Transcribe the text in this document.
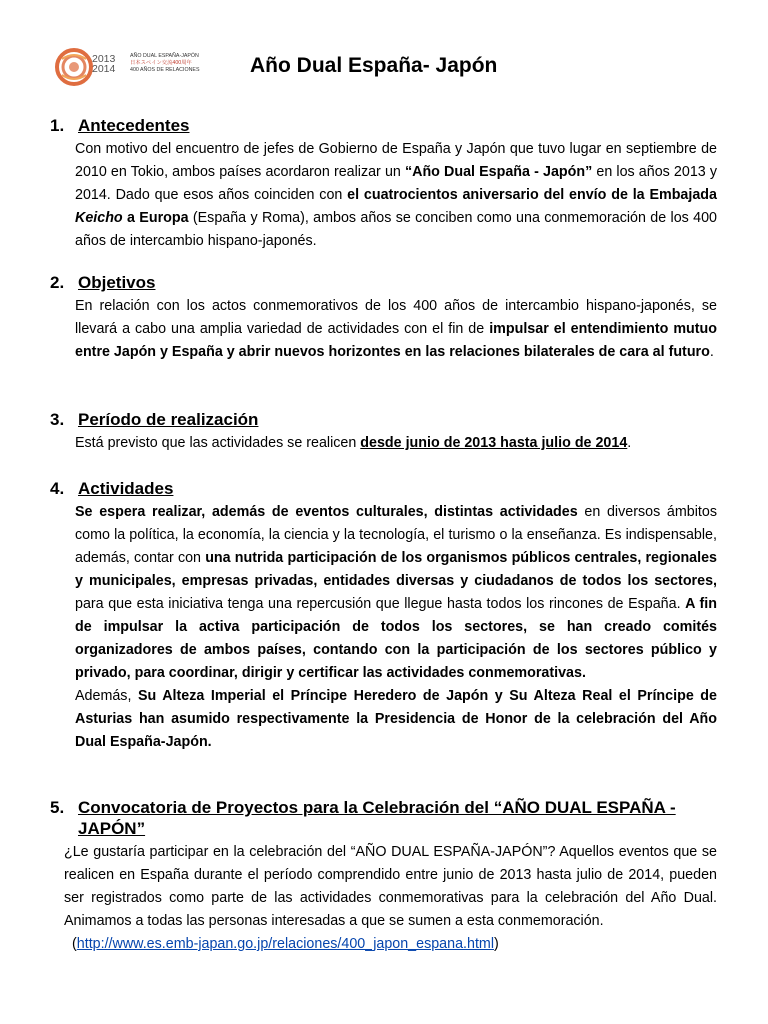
2013
2014
AÑO DUAL ESPAÑA-JAPÓN
日本スペイン交流400周年
400 AÑOS DE RELACIONES Año Dual España- Japón
1. Antecedentes

Con motivo del encuentro de jefes de Gobierno de España y Japón que tuvo lugar en septiembre de 2010 en Tokio, ambos países acordaron realizar un “Año Dual España - Japón” en los años 2013 y 2014. Dado que esos años coinciden con el cuatrocientos aniversario del envío de la Embajada Keicho a Europa (España y Roma), ambos años se conciben como una conmemoración de los 400 años de intercambio hispano-japonés.

2. Objetivos

En relación con los actos conmemorativos de los 400 años de intercambio hispano-japonés, se llevará a cabo una amplia variedad de actividades con el fin de impulsar el entendimiento mutuo entre Japón y España y abrir nuevos horizontes en las relaciones bilaterales de cara al futuro.

3. Período de realización

Está previsto que las actividades se realicen desde junio de 2013 hasta julio de 2014.

4. Actividades

Se espera realizar, además de eventos culturales, distintas actividades en diversos ámbitos como la política, la economía, la ciencia y la tecnología, el turismo o la enseñanza. Es indispensable, además, contar con una nutrida participación de los organismos públicos centrales, regionales y municipales, empresas privadas, entidades diversas y ciudadanos de todos los sectores, para que esta iniciativa tenga una repercusión que llegue hasta todos los rincones de España. A fin de impulsar la activa participación de todos los sectores, se han creado comités organizadores de ambos países, contando con la participación de los sectores público y privado, para coordinar, dirigir y certificar las actividades conmemorativas.

Además, Su Alteza Imperial el Príncipe Heredero de Japón y Su Alteza Real el Príncipe de Asturias han asumido respectivamente la Presidencia de Honor de la celebración del Año Dual España-Japón.

5. Convocatoria de Proyectos para la Celebración del “AÑO DUAL ESPAÑA - JAPÓN”

¿Le gustaría participar en la celebración del “AÑO DUAL ESPAÑA-JAPÓN”? Aquellos eventos que se realicen en España durante el período comprendido entre junio de 2013 hasta julio de 2014, pueden ser registrados como parte de las actividades conmemorativas para la celebración del Año Dual. Animamos a todas las personas interesadas a que se sumen a esta conmemoración.

(http://www.es.emb-japan.go.jp/relaciones/400_japon_espana.html)
